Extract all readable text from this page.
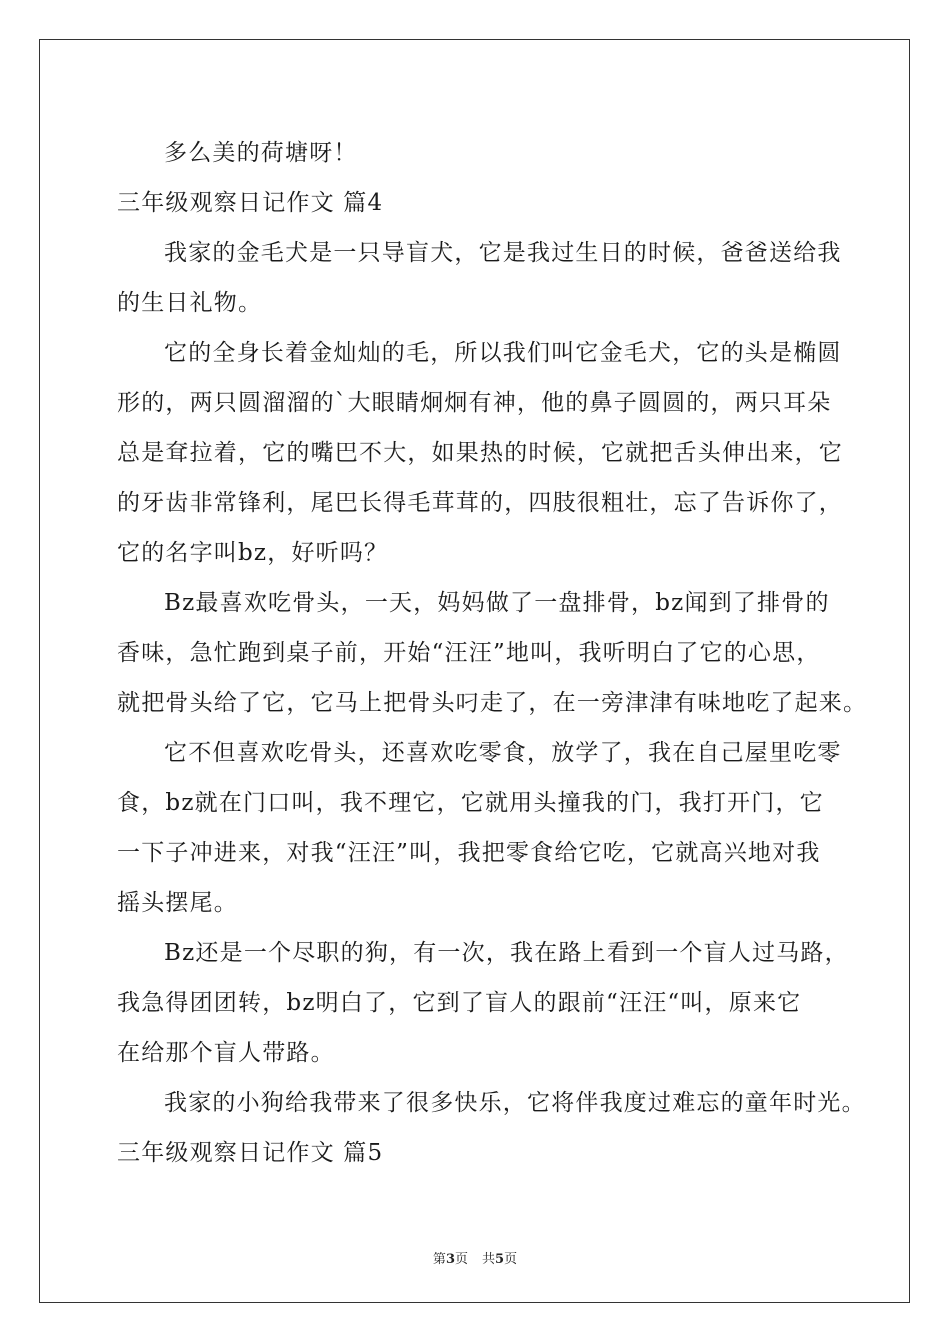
多么美的荷塘呀！
三年级观察日记作文 篇4
我家的金毛犬是一只导盲犬，它是我过生日的时候，爸爸送给我
的生日礼物。
它的全身长着金灿灿的毛，所以我们叫它金毛犬，它的头是椭圆
形的，两只圆溜溜的`大眼睛炯炯有神，他的鼻子圆圆的，两只耳朵
总是耷拉着，它的嘴巴不大，如果热的时候，它就把舌头伸出来，它
的牙齿非常锋利，尾巴长得毛茸茸的，四肢很粗壮，忘了告诉你了，
它的名字叫bz，好听吗？
Bz最喜欢吃骨头，一天，妈妈做了一盘排骨，bz闻到了排骨的
香味，急忙跑到桌子前，开始“汪汪”地叫，我听明白了它的心思，
就把骨头给了它，它马上把骨头叼走了，在一旁津津有味地吃了起来。
它不但喜欢吃骨头，还喜欢吃零食，放学了，我在自己屋里吃零
食，bz就在门口叫，我不理它，它就用头撞我的门，我打开门，它
一下子冲进来，对我“汪汪”叫，我把零食给它吃，它就高兴地对我
摇头摆尾。
Bz还是一个尽职的狗，有一次，我在路上看到一个盲人过马路，
我急得团团转，bz明白了，它到了盲人的跟前“汪汪“叫，原来它
在给那个盲人带路。
我家的小狗给我带来了很多快乐，它将伴我度过难忘的童年时光。
三年级观察日记作文 篇5
第3页 共5页
